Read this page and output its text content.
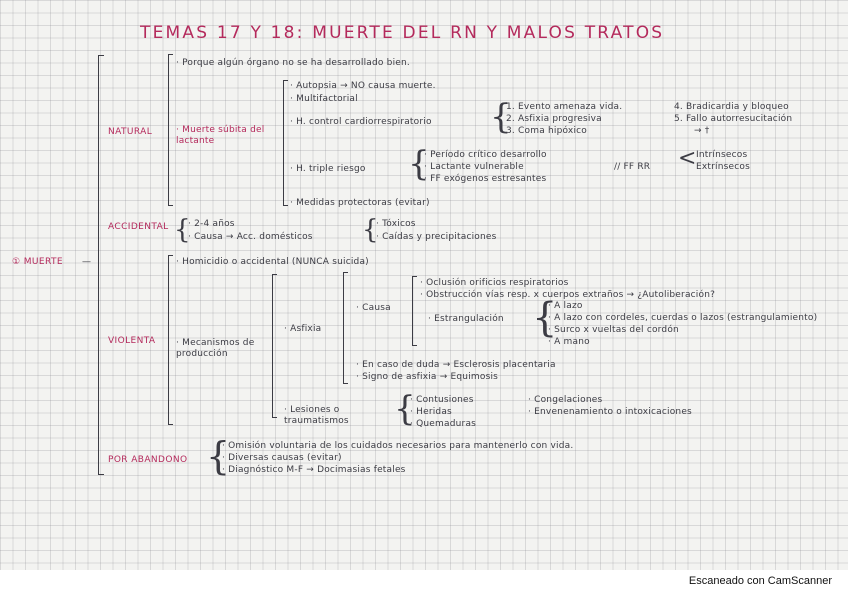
TEMAS 17 Y 18: MUERTE DEL RN Y MALOS TRATOS
① MUERTE —
NATURAL
· Porque algún órgano no se ha desarrollado bien.
· Muerte súbita del lactante
· Autopsia → NO causa muerte.
· Multifactorial
· H. control cardiorrespiratorio {
1. Evento amenaza vida.
2. Asfixia progresiva
3. Coma hipóxico
4. Bradicardia y bloqueo
5. Fallo autorresucitación
→ †
· H. triple riesgo {
· Período crítico desarrollo
· Lactante vulnerable
· FF exógenos estresantes
// FF RR < Intrínsecos
Extrínsecos
· Medidas protectoras (evitar)
ACCIDENTAL {
· 2-4 años
· Causa → Acc. domésticos {
· Tóxicos
· Caídas y precipitaciones
VIOLENTA
· Homicidio o accidental (NUNCA suicida)
· Mecanismos de producción
· Asfixia
· Causa
· Oclusión orificios respiratorios
· Obstrucción vías resp. x cuerpos extraños → ¿Autoliberación?
· Estrangulación {
· A lazo
· A lazo con cordeles, cuerdas o lazos (estrangulamiento)
· Surco x vueltas del cordón
· A mano
· En caso de duda → Esclerosis placentaria
· Signo de asfixia → Equimosis
· Lesiones o traumatismos	{
· Contusiones
· Heridas
· Quemaduras
· Congelaciones
· Envenenamiento o intoxicaciones
POR ABANDONO {
· Omisión voluntaria de los cuidados necesarios para mantenerlo con vida.
· Diversas causas (evitar)
· Diagnóstico M-F → Docimasias fetales
Escaneado con CamScanner
